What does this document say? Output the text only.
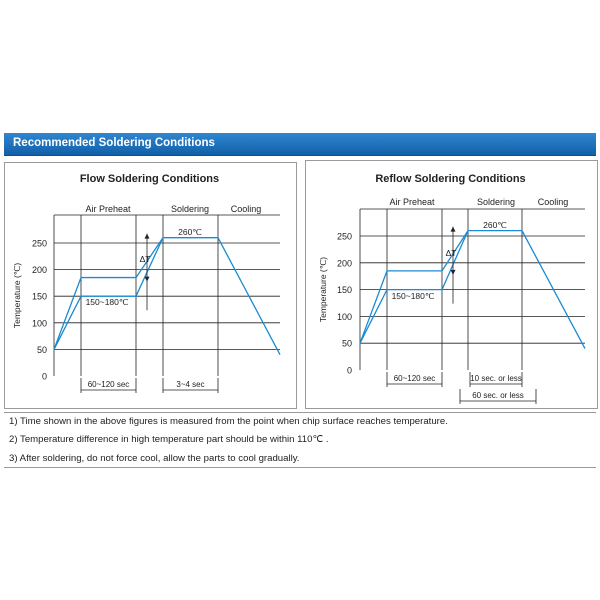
Recommended Soldering Conditions
Flow Soldering Conditions	Reflow Soldering Conditions
0
50
100
150
200
250
Temperature (℃)
Air Preheat	Soldering Cooling
260℃
150~180℃
ΔT
60~120 sec	3~4 sec
0
50
100
150
200
250
Temperature (℃)
Air Preheat	Soldering	Cooling
260℃
150~180℃
ΔT
60~120 sec	10 sec. or less
60 sec. or less
1) Time shown in the above figures is measured from the point when chip surface reaches temperature.
2) Temperature difference in high temperature part should be within 110℃ .
3) After soldering, do not force cool, allow the parts to cool gradually.
